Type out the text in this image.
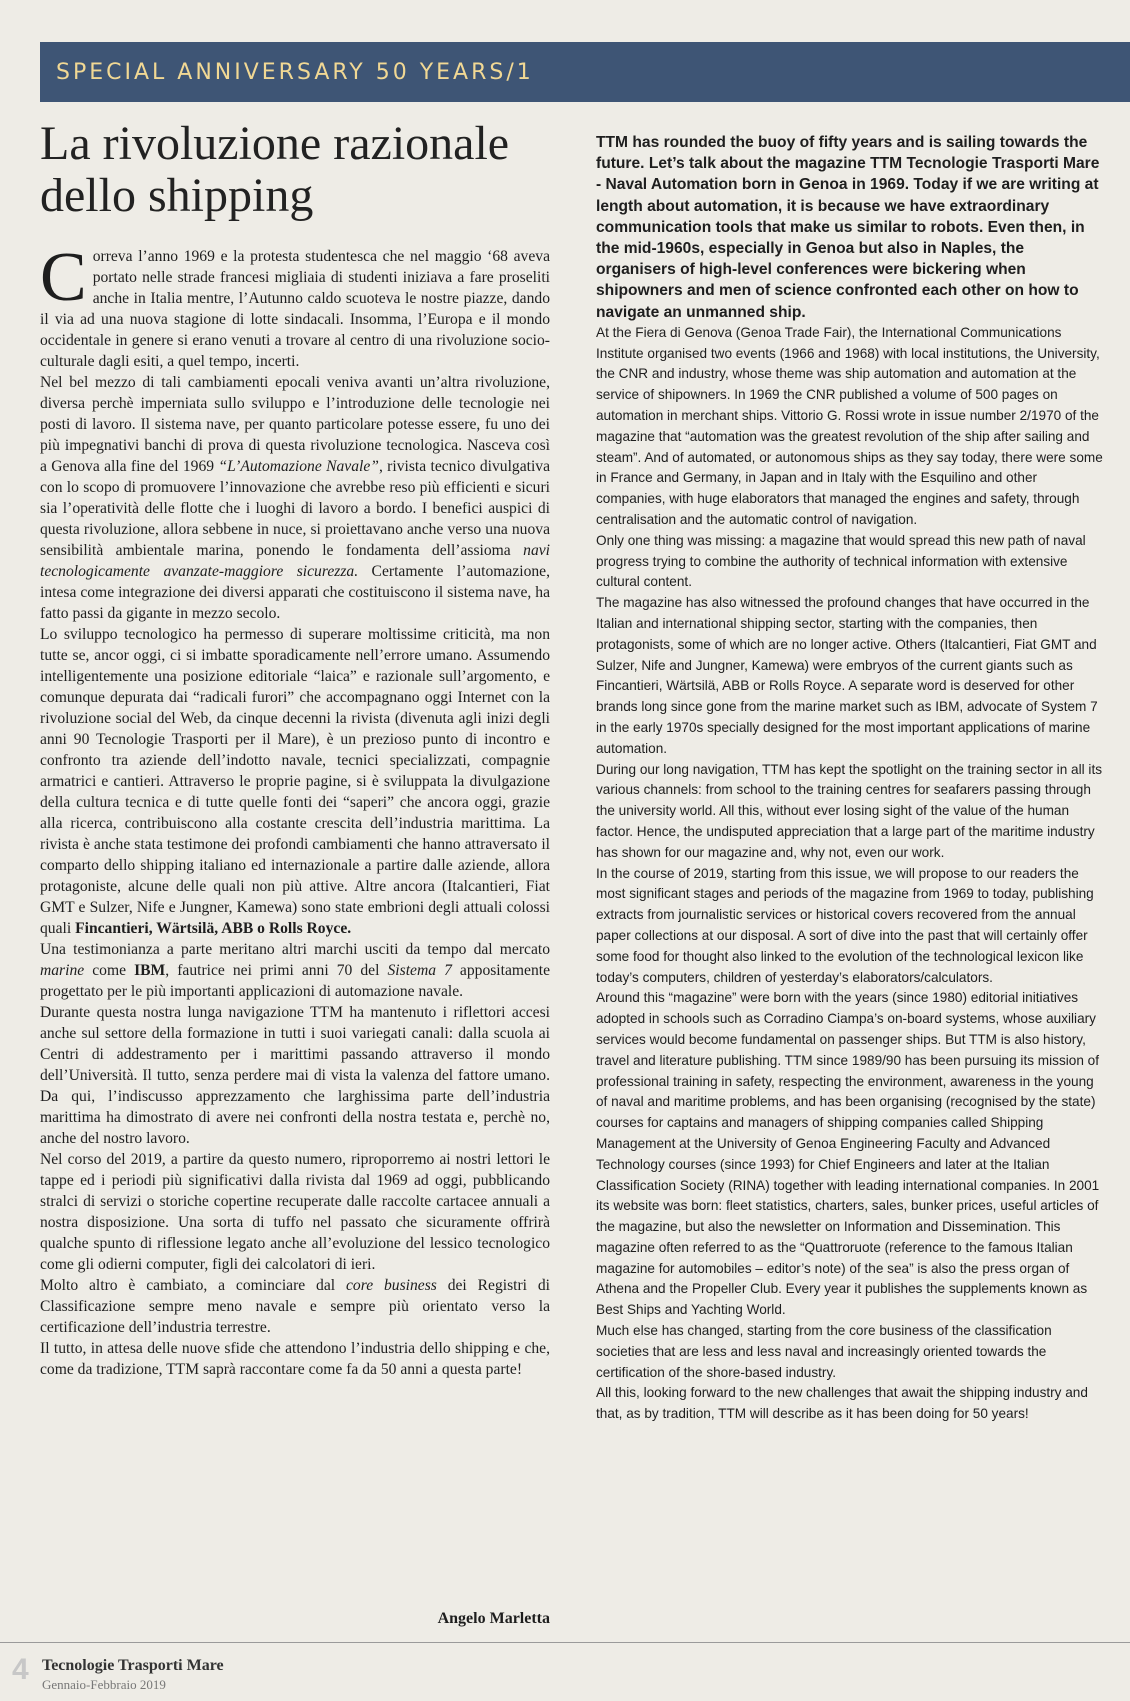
SPECIAL ANNIVERSARY 50 YEARS/1
La rivoluzione razionale dello shipping

Correva l’anno 1969 e la protesta studentesca che nel maggio ‘68 aveva portato nelle strade francesi migliaia di studenti iniziava a fare proseliti anche in Italia mentre, l’Autunno caldo scuoteva le nostre piazze, dando il via ad una nuova stagione di lotte sindacali. Insomma, l’Europa e il mondo occidentale in genere si erano venuti a trovare al centro di una rivoluzione socio-culturale dagli esiti, a quel tempo, incerti.

Nel bel mezzo di tali cambiamenti epocali veniva avanti un’altra rivoluzione, diversa perchè imperniata sullo sviluppo e l’introduzione delle tecnologie nei posti di lavoro. Il sistema nave, per quanto particolare potesse essere, fu uno dei più impegnativi banchi di prova di questa rivoluzione tecnologica. Nasceva così a Genova alla fine del 1969 “L’Automazione Navale”, rivista tecnico divulgativa con lo scopo di promuovere l’innovazione che avrebbe reso più efficienti e sicuri sia l’operatività delle flotte che i luoghi di lavoro a bordo. I benefici auspici di questa rivoluzione, allora sebbene in nuce, si proiettavano anche verso una nuova sensibilità ambientale marina, ponendo le fondamenta dell’assioma navi tecnologicamente avanzate-maggiore sicurezza. Certamente l’automazione, intesa come integrazione dei diversi apparati che costituiscono il sistema nave, ha fatto passi da gigante in mezzo secolo.

Lo sviluppo tecnologico ha permesso di superare moltissime criticità, ma non tutte se, ancor oggi, ci si imbatte sporadicamente nell’errore umano. Assumendo intelligentemente una posizione editoriale “laica” e razionale sull’argomento, e comunque depurata dai “radicali furori” che accompagnano oggi Internet con la rivoluzione social del Web, da cinque decenni la rivista (divenuta agli inizi degli anni 90 Tecnologie Trasporti per il Mare), è un prezioso punto di incontro e confronto tra aziende dell’indotto navale, tecnici specializzati, compagnie armatrici e cantieri. Attraverso le proprie pagine, si è sviluppata la divulgazione della cultura tecnica e di tutte quelle fonti dei “saperi” che ancora oggi, grazie alla ricerca, contribuiscono alla costante crescita dell’industria marittima. La rivista è anche stata testimone dei profondi cambiamenti che hanno attraversato il comparto dello shipping italiano ed internazionale a partire dalle aziende, allora protagoniste, alcune delle quali non più attive. Altre ancora (Italcantieri, Fiat GMT e Sulzer, Nife e Jungner, Kamewa) sono state embrioni degli attuali colossi quali Fincantieri, Wärtsilä, ABB o Rolls Royce.

Una testimonianza a parte meritano altri marchi usciti da tempo dal mercato marine come IBM, fautrice nei primi anni 70 del Sistema 7 appositamente progettato per le più importanti applicazioni di automazione navale.

Durante questa nostra lunga navigazione TTM ha mantenuto i riflettori accesi anche sul settore della formazione in tutti i suoi variegati canali: dalla scuola ai Centri di addestramento per i marittimi passando attraverso il mondo dell’Università. Il tutto, senza perdere mai di vista la valenza del fattore umano. Da qui, l’indiscusso apprezzamento che larghissima parte dell’industria marittima ha dimostrato di avere nei confronti della nostra testata e, perchè no, anche del nostro lavoro.

Nel corso del 2019, a partire da questo numero, riproporremo ai nostri lettori le tappe ed i periodi più significativi dalla rivista dal 1969 ad oggi, pubblicando stralci di servizi o storiche copertine recuperate dalle raccolte cartacee annuali a nostra disposizione. Una sorta di tuffo nel passato che sicuramente offrirà qualche spunto di riflessione legato anche all’evoluzione del lessico tecnologico come gli odierni computer, figli dei calcolatori di ieri.

Molto altro è cambiato, a cominciare dal core business dei Registri di Classificazione sempre meno navale e sempre più orientato verso la certificazione dell’industria terrestre.

Il tutto, in attesa delle nuove sfide che attendono l’industria dello shipping e che, come da tradizione, TTM saprà raccontare come fa da 50 anni a questa parte!

Angelo Marletta

TTM has rounded the buoy of fifty years and is sailing towards the future. Let’s talk about the magazine TTM Tecnologie Trasporti Mare - Naval Automation born in Genoa in 1969. Today if we are writing at length about automation, it is because we have extraordinary communication tools that make us similar to robots. Even then, in the mid-1960s, especially in Genoa but also in Naples, the organisers of high-level conferences were bickering when shipowners and men of science confronted each other on how to navigate an unmanned ship.

At the Fiera di Genova (Genoa Trade Fair), the International Communications Institute organised two events (1966 and 1968) with local institutions, the University, the CNR and industry, whose theme was ship automation and automation at the service of shipowners. In 1969 the CNR published a volume of 500 pages on automation in merchant ships. Vittorio G. Rossi wrote in issue number 2/1970 of the magazine that “automation was the greatest revolution of the ship after sailing and steam”. And of automated, or autonomous ships as they say today, there were some in France and Germany, in Japan and in Italy with the Esquilino and other companies, with huge elaborators that managed the engines and safety, through centralisation and the automatic control of navigation.

Only one thing was missing: a magazine that would spread this new path of naval progress trying to combine the authority of technical information with extensive cultural content.

The magazine has also witnessed the profound changes that have occurred in the Italian and international shipping sector, starting with the companies, then protagonists, some of which are no longer active. Others (Italcantieri, Fiat GMT and Sulzer, Nife and Jungner, Kamewa) were embryos of the current giants such as Fincantieri, Wärtsilä, ABB or Rolls Royce. A separate word is deserved for other brands long since gone from the marine market such as IBM, advocate of System 7 in the early 1970s specially designed for the most important applications of marine automation.

During our long navigation, TTM has kept the spotlight on the training sector in all its various channels: from school to the training centres for seafarers passing through the university world. All this, without ever losing sight of the value of the human factor. Hence, the undisputed appreciation that a large part of the maritime industry has shown for our magazine and, why not, even our work.

In the course of 2019, starting from this issue, we will propose to our readers the most significant stages and periods of the magazine from 1969 to today, publishing extracts from journalistic services or historical covers recovered from the annual paper collections at our disposal. A sort of dive into the past that will certainly offer some food for thought also linked to the evolution of the technological lexicon like today’s computers, children of yesterday’s elaborators/calculators.

Around this “magazine” were born with the years (since 1980) editorial initiatives adopted in schools such as Corradino Ciampa’s on-board systems, whose auxiliary services would become fundamental on passenger ships. But TTM is also history, travel and literature publishing. TTM since 1989/90 has been pursuing its mission of professional training in safety, respecting the environment, awareness in the young of naval and maritime problems, and has been organising (recognised by the state) courses for captains and managers of shipping companies called Shipping Management at the University of Genoa Engineering Faculty and Advanced Technology courses (since 1993) for Chief Engineers and later at the Italian Classification Society (RINA) together with leading international companies. In 2001 its website was born: fleet statistics, charters, sales, bunker prices, useful articles of the magazine, but also the newsletter on Information and Dissemination. This magazine often referred to as the “Quattroruote (reference to the famous Italian magazine for automobiles – editor’s note) of the sea” is also the press organ of Athena and the Propeller Club. Every year it publishes the supplements known as Best Ships and Yachting World.

Much else has changed, starting from the core business of the classification societies that are less and less naval and increasingly oriented towards the certification of the shore-based industry.

All this, looking forward to the new challenges that await the shipping industry and that, as by tradition, TTM will describe as it has been doing for 50 years!

4 Tecnologie Trasporti Mare
Gennaio-Febbraio 2019
